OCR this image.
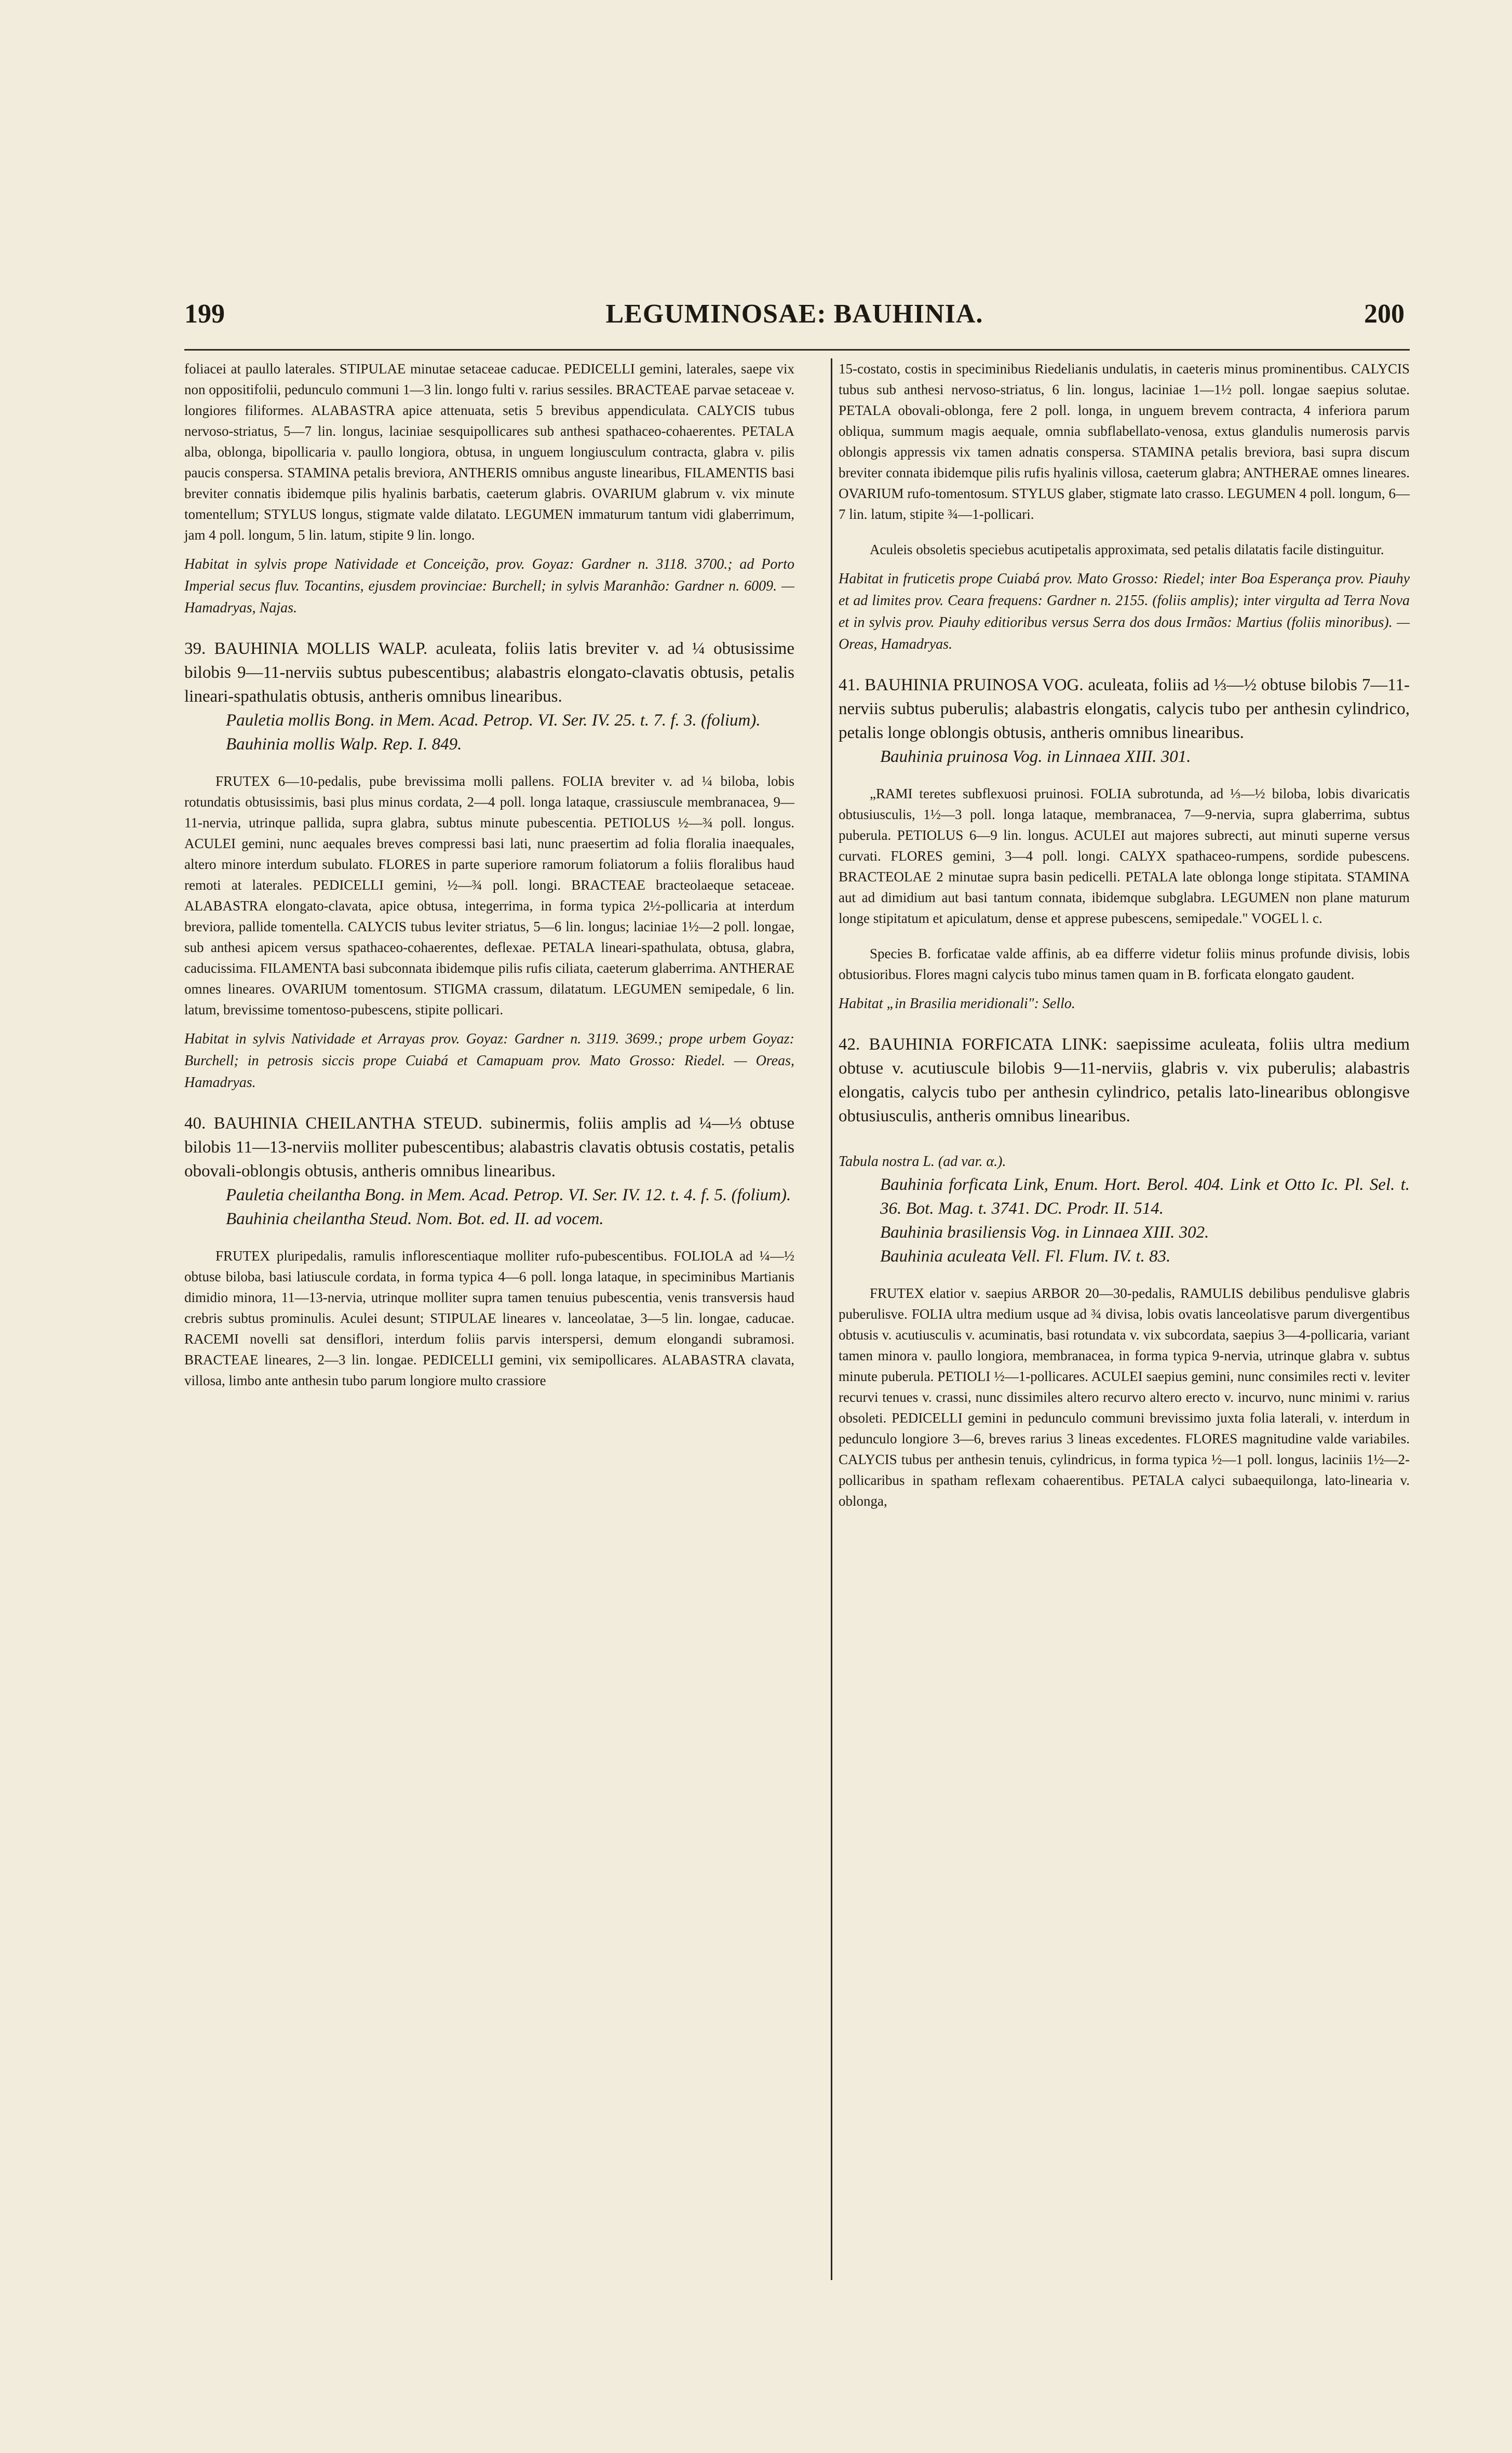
199	LEGUMINOSAE: BAUHINIA.	200

foliacei at paullo laterales. STIPULAE minutae setaceae caducae. PEDICELLI gemini, laterales, saepe vix non oppositifolii, pedunculo communi 1—3 lin. longo fulti v. rarius sessiles. BRACTEAE parvae setaceae v. longiores filiformes. ALABASTRA apice attenuata, setis 5 brevibus appendiculata. CALYCIS tubus nervoso-striatus, 5—7 lin. longus, laciniae sesquipollicares sub anthesi spathaceo-cohaerentes. PETALA alba, oblonga, bipollicaria v. paullo longiora, obtusa, in unguem longiusculum contracta, glabra v. pilis paucis conspersa. STAMINA petalis breviora, ANTHERIS omnibus anguste linearibus, FILAMENTIS basi breviter connatis ibidemque pilis hyalinis barbatis, caeterum glabris. OVARIUM glabrum v. vix minute tomentellum; STYLUS longus, stigmate valde dilatato. LEGUMEN immaturum tantum vidi glaberrimum, jam 4 poll. longum, 5 lin. latum, stipite 9 lin. longo.

Habitat in sylvis prope Natividade et Conceição, prov. Goyaz: Gardner n. 3118. 3700.; ad Porto Imperial secus fluv. Tocantins, ejusdem provinciae: Burchell; in sylvis Maranhão: Gardner n. 6009. — Hamadryas, Najas.

39. BAUHINIA MOLLIS WALP. aculeata, foliis latis breviter v. ad ¼ obtusissime bilobis 9—11-nerviis subtus pubescentibus; alabastris elongato-clavatis obtusis, petalis lineari-spathulatis obtusis, antheris omnibus linearibus.

Pauletia mollis Bong. in Mem. Acad. Petrop. VI. Ser. IV. 25. t. 7. f. 3. (folium).

Bauhinia mollis Walp. Rep. I. 849.

FRUTEX 6—10-pedalis, pube brevissima molli pallens. FOLIA breviter v. ad ¼ biloba, lobis rotundatis obtusissimis, basi plus minus cordata, 2—4 poll. longa lataque, crassiuscule membranacea, 9—11-nervia, utrinque pallida, supra glabra, subtus minute pubescentia. PETIOLUS ½—¾ poll. longus. ACULEI gemini, nunc aequales breves compressi basi lati, nunc praesertim ad folia floralia inaequales, altero minore interdum subulato. FLORES in parte superiore ramorum foliatorum a foliis floralibus haud remoti at laterales. PEDICELLI gemini, ½—¾ poll. longi. BRACTEAE bracteolaeque setaceae. ALABASTRA elongato-clavata, apice obtusa, integerrima, in forma typica 2½-pollicaria at interdum breviora, pallide tomentella. CALYCIS tubus leviter striatus, 5—6 lin. longus; laciniae 1½—2 poll. longae, sub anthesi apicem versus spathaceo-cohaerentes, deflexae. PETALA lineari-spathulata, obtusa, glabra, caducissima. FILAMENTA basi subconnata ibidemque pilis rufis ciliata, caeterum glaberrima. ANTHERAE omnes lineares. OVARIUM tomentosum. STIGMA crassum, dilatatum. LEGUMEN semipedale, 6 lin. latum, brevissime tomentoso-pubescens, stipite pollicari.

Habitat in sylvis Natividade et Arrayas prov. Goyaz: Gardner n. 3119. 3699.; prope urbem Goyaz: Burchell; in petrosis siccis prope Cuiabá et Camapuam prov. Mato Grosso: Riedel. — Oreas, Hamadryas.

40. BAUHINIA CHEILANTHA STEUD. subinermis, foliis amplis ad ¼—⅓ obtuse bilobis 11—13-nerviis molliter pubescentibus; alabastris clavatis obtusis costatis, petalis obovali-oblongis obtusis, antheris omnibus linearibus.

Pauletia cheilantha Bong. in Mem. Acad. Petrop. VI. Ser. IV. 12. t. 4. f. 5. (folium).

Bauhinia cheilantha Steud. Nom. Bot. ed. II. ad vocem.

FRUTEX pluripedalis, ramulis inflorescentiaque molliter rufo-pubescentibus. FOLIOLA ad ¼—½ obtuse biloba, basi latiuscule cordata, in forma typica 4—6 poll. longa lataque, in speciminibus Martianis dimidio minora, 11—13-nervia, utrinque molliter supra tamen tenuius pubescentia, venis transversis haud crebris subtus prominulis. Aculei desunt; STIPULAE lineares v. lanceolatae, 3—5 lin. longae, caducae. RACEMI novelli sat densiflori, interdum foliis parvis interspersi, demum elongandi subramosi. BRACTEAE lineares, 2—3 lin. longae. PEDICELLI gemini, vix semipollicares. ALABASTRA clavata, villosa, limbo ante anthesin tubo parum longiore multo crassiore

15-costato, costis in speciminibus Riedelianis undulatis, in caeteris minus prominentibus. CALYCIS tubus sub anthesi nervoso-striatus, 6 lin. longus, laciniae 1—1½ poll. longae saepius solutae. PETALA obovali-oblonga, fere 2 poll. longa, in unguem brevem contracta, 4 inferiora parum obliqua, summum magis aequale, omnia subflabellato-venosa, extus glandulis numerosis parvis oblongis appressis vix tamen adnatis conspersa. STAMINA petalis breviora, basi supra discum breviter connata ibidemque pilis rufis hyalinis villosa, caeterum glabra; ANTHERAE omnes lineares. OVARIUM rufo-tomentosum. STYLUS glaber, stigmate lato crasso. LEGUMEN 4 poll. longum, 6—7 lin. latum, stipite ¾—1-pollicari.

Aculeis obsoletis speciebus acutipetalis approximata, sed petalis dilatatis facile distinguitur.

Habitat in fruticetis prope Cuiabá prov. Mato Grosso: Riedel; inter Boa Esperança prov. Piauhy et ad limites prov. Ceara frequens: Gardner n. 2155. (foliis amplis); inter virgulta ad Terra Nova et in sylvis prov. Piauhy editioribus versus Serra dos dous Irmãos: Martius (foliis minoribus). — Oreas, Hamadryas.

41. BAUHINIA PRUINOSA VOG. aculeata, foliis ad ⅓—½ obtuse bilobis 7—11-nerviis subtus puberulis; alabastris elongatis, calycis tubo per anthesin cylindrico, petalis longe oblongis obtusis, antheris omnibus linearibus.

Bauhinia pruinosa Vog. in Linnaea XIII. 301.

„RAMI teretes subflexuosi pruinosi. FOLIA subrotunda, ad ⅓—½ biloba, lobis divaricatis obtusiusculis, 1½—3 poll. longa lataque, membranacea, 7—9-nervia, supra glaberrima, subtus puberula. PETIOLUS 6—9 lin. longus. ACULEI aut majores subrecti, aut minuti superne versus curvati. FLORES gemini, 3—4 poll. longi. CALYX spathaceo-rumpens, sordide pubescens. BRACTEOLAE 2 minutae supra basin pedicelli. PETALA late oblonga longe stipitata. STAMINA aut ad dimidium aut basi tantum connata, ibidemque subglabra. LEGUMEN non plane maturum longe stipitatum et apiculatum, dense et apprese pubescens, semipedale." VOGEL l. c.

Species B. forficatae valde affinis, ab ea differre videtur foliis minus profunde divisis, lobis obtusioribus. Flores magni calycis tubo minus tamen quam in B. forficata elongato gaudent.

Habitat „in Brasilia meridionali": Sello.

42. BAUHINIA FORFICATA LINK: saepissime aculeata, foliis ultra medium obtuse v. acutiuscule bilobis 9—11-nerviis, glabris v. vix puberulis; alabastris elongatis, calycis tubo per anthesin cylindrico, petalis lato-linearibus oblongisve obtusiusculis, antheris omnibus linearibus.

Tabula nostra L. (ad var. α.).

Bauhinia forficata Link, Enum. Hort. Berol. 404. Link et Otto Ic. Pl. Sel. t. 36. Bot. Mag. t. 3741. DC. Prodr. II. 514.

Bauhinia brasiliensis Vog. in Linnaea XIII. 302.

Bauhinia aculeata Vell. Fl. Flum. IV. t. 83.

FRUTEX elatior v. saepius ARBOR 20—30-pedalis, RAMULIS debilibus pendulisve glabris puberulisve. FOLIA ultra medium usque ad ¾ divisa, lobis ovatis lanceolatisve parum divergentibus obtusis v. acutiusculis v. acuminatis, basi rotundata v. vix subcordata, saepius 3—4-pollicaria, variant tamen minora v. paullo longiora, membranacea, in forma typica 9-nervia, utrinque glabra v. subtus minute puberula. PETIOLI ½—1-pollicares. ACULEI saepius gemini, nunc consimiles recti v. leviter recurvi tenues v. crassi, nunc dissimiles altero recurvo altero erecto v. incurvo, nunc minimi v. rarius obsoleti. PEDICELLI gemini in pedunculo communi brevissimo juxta folia laterali, v. interdum in pedunculo longiore 3—6, breves rarius 3 lineas excedentes. FLORES magnitudine valde variabiles. CALYCIS tubus per anthesin tenuis, cylindricus, in forma typica ½—1 poll. longus, laciniis 1½—2-pollicaribus in spatham reflexam cohaerentibus. PETALA calyci subaequilonga, lato-linearia v. oblonga,
